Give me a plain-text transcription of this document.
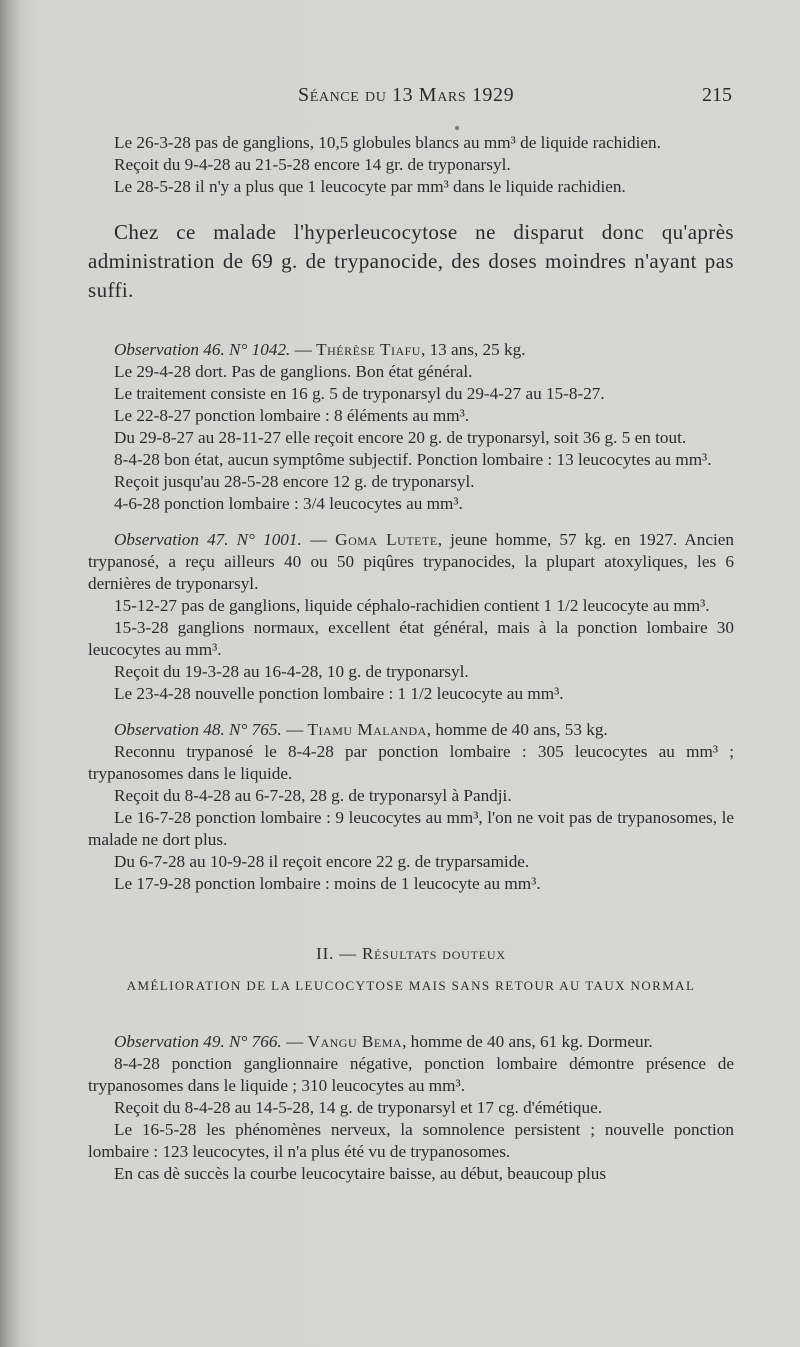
Séance du 13 Mars 1929	215

Le 26-3-28 pas de ganglions, 10,5 globules blancs au mm³ de liquide rachidien.

Reçoit du 9-4-28 au 21-5-28 encore 14 gr. de tryponarsyl.

Le 28-5-28 il n'y a plus que 1 leucocyte par mm³ dans le liquide rachidien.

Chez ce malade l'hyperleucocytose ne disparut donc qu'après administration de 69 g. de trypanocide, des doses moindres n'ayant pas suffi.

Observation 46. N° 1042. — Thérèse Tiafu, 13 ans, 25 kg.

Le 29-4-28 dort. Pas de ganglions. Bon état général.

Le traitement consiste en 16 g. 5 de tryponarsyl du 29-4-27 au 15-8-27.

Le 22-8-27 ponction lombaire : 8 éléments au mm³.

Du 29-8-27 au 28-11-27 elle reçoit encore 20 g. de tryponarsyl, soit 36 g. 5 en tout.

8-4-28 bon état, aucun symptôme subjectif. Ponction lombaire : 13 leucocytes au mm³.

Reçoit jusqu'au 28-5-28 encore 12 g. de tryponarsyl.

4-6-28 ponction lombaire : 3/4 leucocytes au mm³.

Observation 47. N° 1001. — Goma Lutete, jeune homme, 57 kg. en 1927. Ancien trypanosé, a reçu ailleurs 40 ou 50 piqûres trypanocides, la plupart atoxyliques, les 6 dernières de tryponarsyl.

15-12-27 pas de ganglions, liquide céphalo-rachidien contient 1 1/2 leucocyte au mm³.

15-3-28 ganglions normaux, excellent état général, mais à la ponction lombaire 30 leucocytes au mm³.

Reçoit du 19-3-28 au 16-4-28, 10 g. de tryponarsyl.

Le 23-4-28 nouvelle ponction lombaire : 1 1/2 leucocyte au mm³.

Observation 48. N° 765. — Tiamu Malanda, homme de 40 ans, 53 kg.

Reconnu trypanosé le 8-4-28 par ponction lombaire : 305 leucocytes au mm³ ; trypanosomes dans le liquide.

Reçoit du 8-4-28 au 6-7-28, 28 g. de tryponarsyl à Pandji.

Le 16-7-28 ponction lombaire : 9 leucocytes au mm³, l'on ne voit pas de trypanosomes, le malade ne dort plus.

Du 6-7-28 au 10-9-28 il reçoit encore 22 g. de tryparsamide.

Le 17-9-28 ponction lombaire : moins de 1 leucocyte au mm³.

II. — Résultats douteux

AMÉLIORATION DE LA LEUCOCYTOSE MAIS SANS RETOUR AU TAUX NORMAL

Observation 49. N° 766. — Vangu Bema, homme de 40 ans, 61 kg. Dormeur.

8-4-28 ponction ganglionnaire négative, ponction lombaire démontre présence de trypanosomes dans le liquide ; 310 leucocytes au mm³.

Reçoit du 8-4-28 au 14-5-28, 14 g. de tryponarsyl et 17 cg. d'émétique.

Le 16-5-28 les phénomènes nerveux, la somnolence persistent ; nouvelle ponction lombaire : 123 leucocytes, il n'a plus été vu de trypanosomes.

En cas dè succès la courbe leucocytaire baisse, au début, beaucoup plus
